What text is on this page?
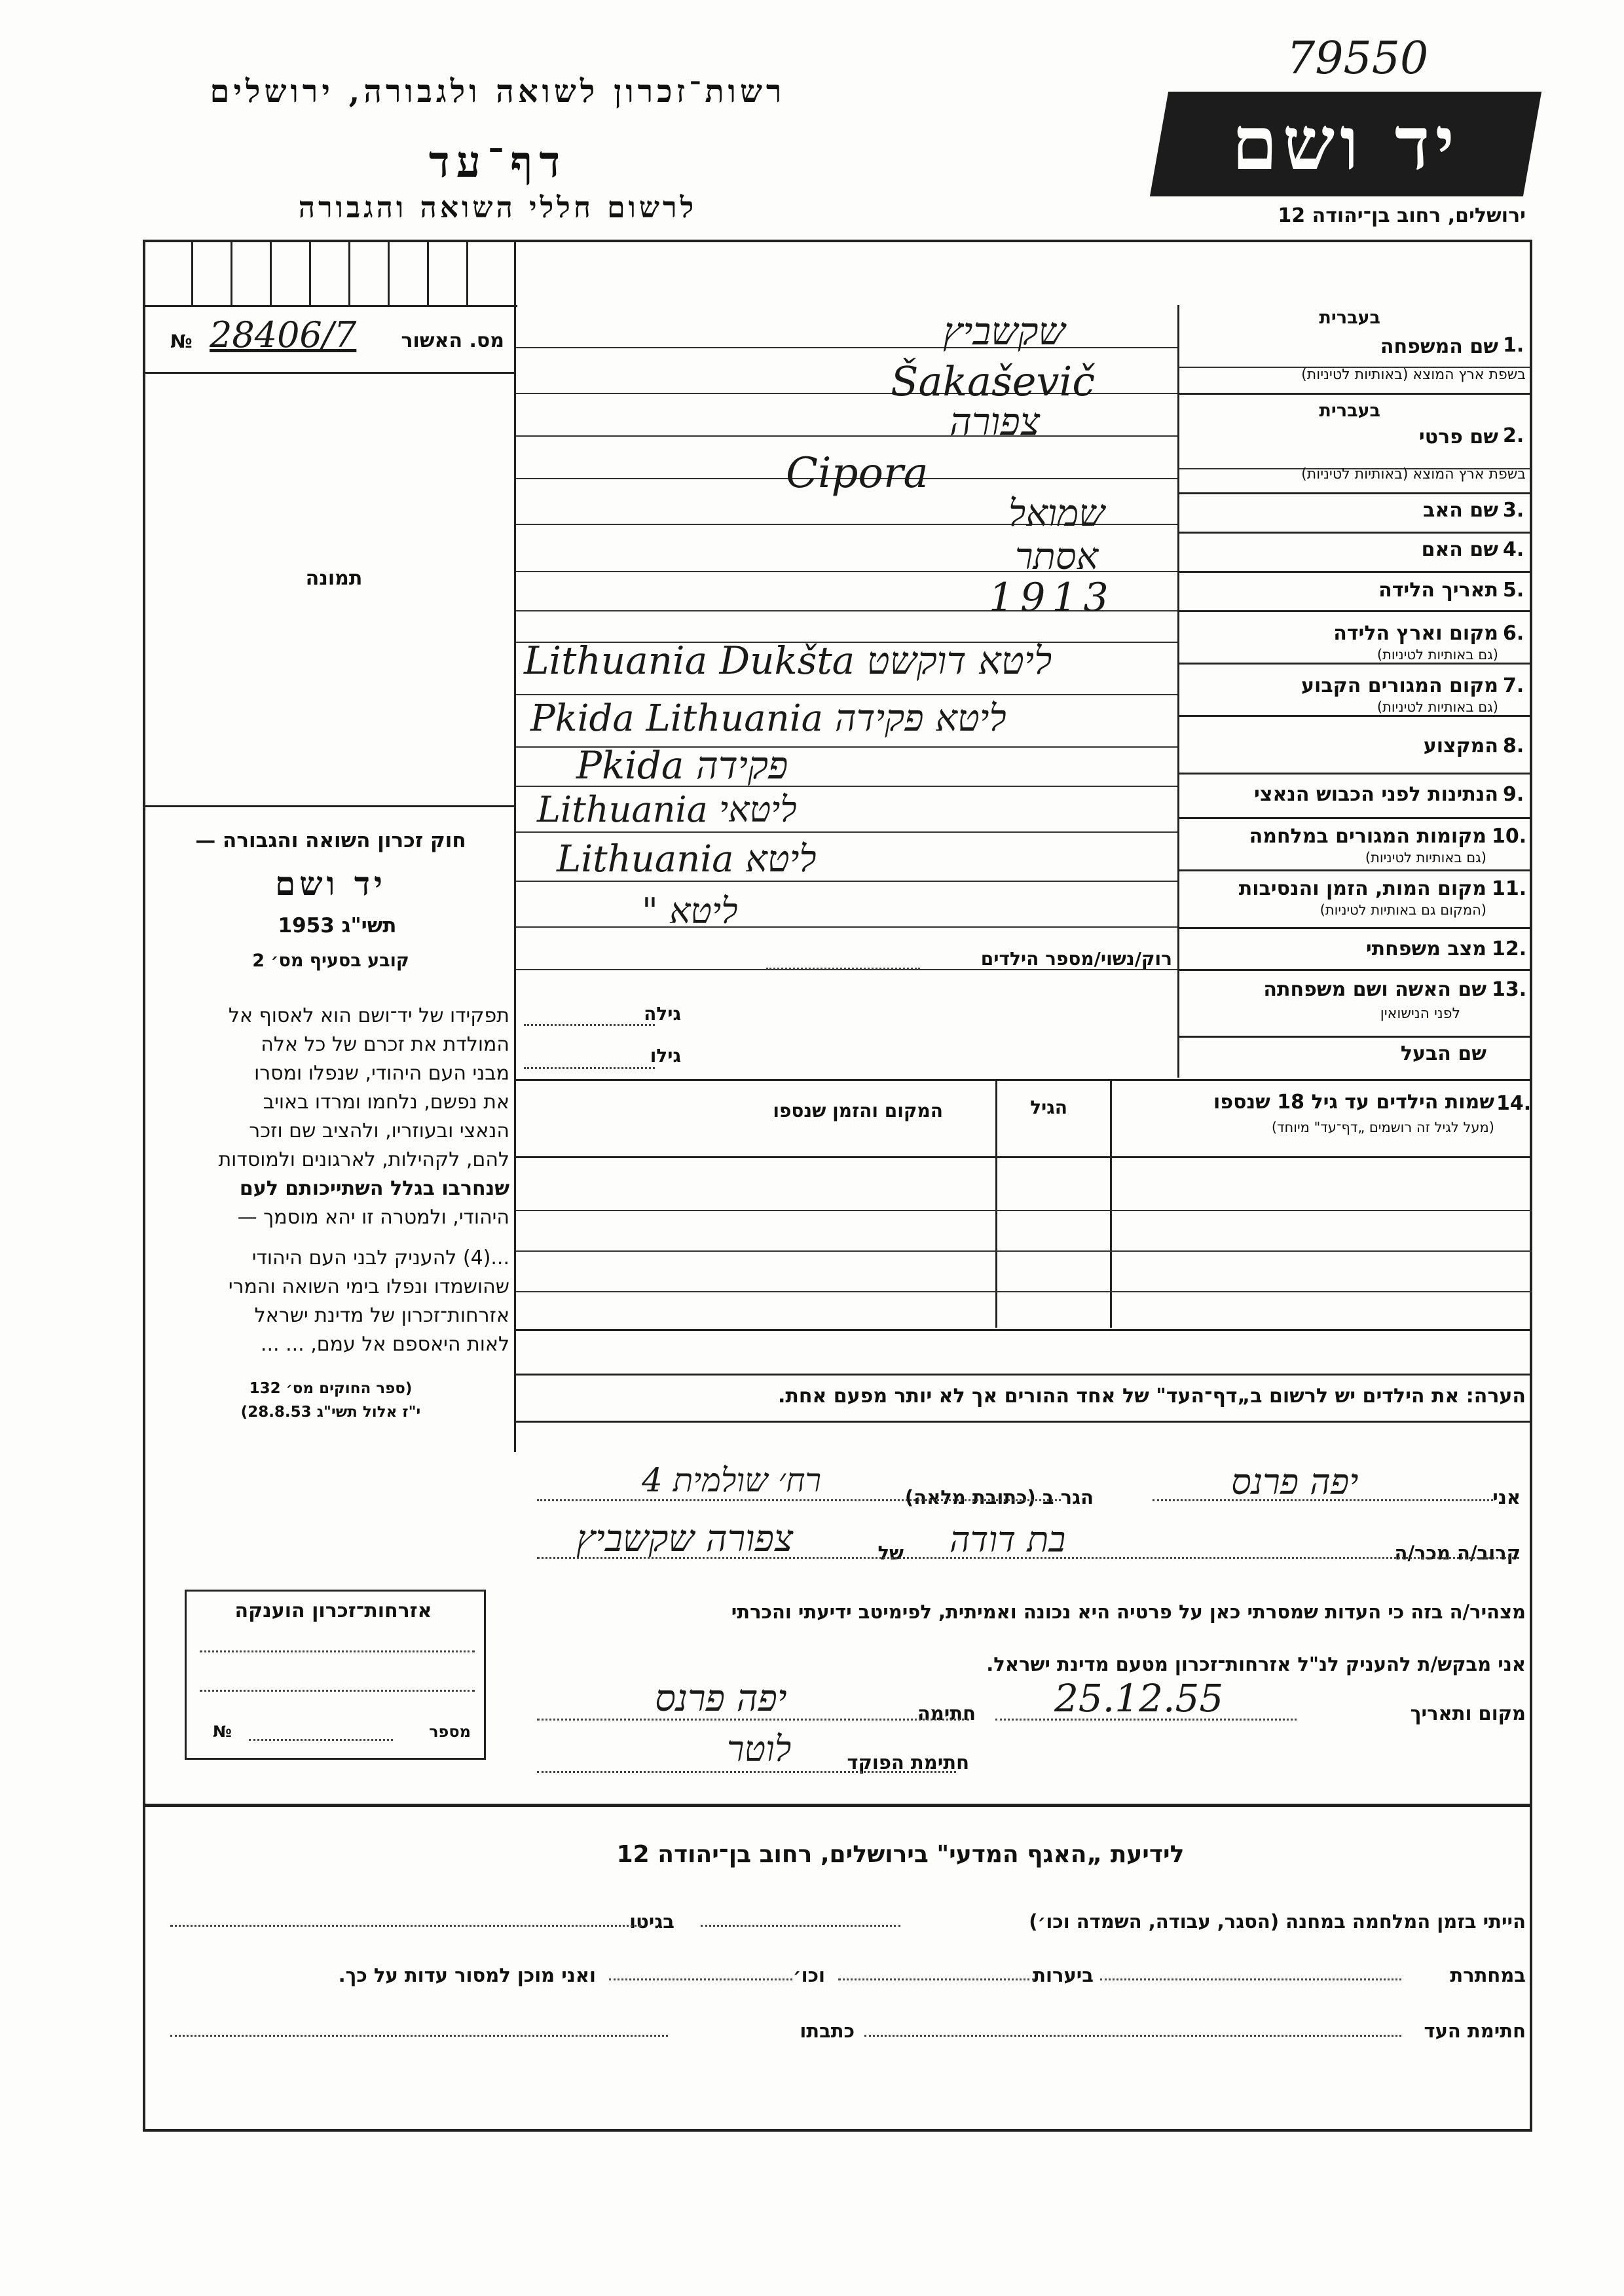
79550
רשות־זכרון לשואה ולגבורה, ירושלים
דף־עד
לרשום חללי השואה והגבורה
יד ושם
ירושלים, רחוב בן־יהודה 12
№ 28406/7	מס. האשור
תמונה
חוק זכרון השואה והגבורה —
יד ושם
תשי"ג 1953
קובע בסעיף מס׳ 2
תפקידו של יד־ושם הוא לאסוף אל
המולדת את זכרם של כל אלה
מבני העם היהודי, שנפלו ומסרו
את נפשם, נלחמו ומרדו באויב
הנאצי ובעוזריו, ולהציב שם וזכר
להם, לקהילות, לארגונים ולמוסדות
שנחרבו בגלל השתייכותם לעם
היהודי, ולמטרה זו יהא מוסמך —
...(4) להעניק לבני העם היהודי
שהושמדו ונפלו בימי השואה והמרי
אזרחות־זכרון של מדינת ישראל
לאות היאספם אל עמם, ... ...
(ספר החוקים מס׳ 132
י"ז אלול תשי"ג 28.8.53)
1.
שם המשפחה
בעברית
בשפת ארץ המוצא (באותיות לטיניות)
שקשביץ
Šakaševič
2.
שם פרטי
בעברית
בשפת ארץ המוצא (באותיות לטיניות)
צפורה
Cipora
3.
שם האב
שמואל
4.
שם האם
אסתר
5.
תאריך הלידה
1913
6.
מקום וארץ הלידה
(גם באותיות לטיניות)
Lithuania Dukšta ליטא דוקשט
7.
מקום המגורים הקבוע
(גם באותיות לטיניות)
Pkida Lithuania ליטא פקידה
8.
המקצוע
Pkida פקידה
9.
הנתינות לפני הכבוש הנאצי
Lithuania ליטאי
10.
מקומות המגורים במלחמה
(גם באותיות לטיניות)
Lithuania ליטא
11.
מקום המות, הזמן והנסיבות
(המקום גם באותיות לטיניות)
" ליטא
12.
מצב משפחתי
רוק/נשוי/מספר הילדים
13.
שם האשה ושם משפחתה
לפני הנישואין
גילה
שם הבעל
גילו
14.
שמות הילדים עד גיל 18 שנספו
(מעל לגיל זה רושמים „דף־עד" מיוחד)
הגיל
המקום והזמן שנספו
הערה: את הילדים יש לרשום ב„דף־העד" של אחד ההורים אך לא יותר מפעם אחת.
אני
יפה פרנס
הגר ב (כתובת מלאה)
רח׳ שולמית 4
קרוב/ה מכר/ה
בת דודה
של
צפורה שקשביץ
מצהיר/ה בזה כי העדות שמסרתי כאן על פרטיה היא נכונה ואמיתית, לפימיטב ידיעתי והכרתי
אני מבקש/ת להעניק לנ"ל אזרחות־זכרון מטעם מדינת ישראל.
מקום ותאריך
25.12.55
חתימה
יפה פרנס
חתימת הפוקד
לוטר
אזרחות־זכרון הוענקה
מספר
№
לידיעת „האגף המדעי" בירושלים, רחוב בן־יהודה 12
הייתי בזמן המלחמה במחנה (הסגר, עבודה, השמדה וכו׳)
בגיטו
במחתרת
ביערות
וכו׳
ואני מוכן למסור עדות על כך.
חתימת העד
כתבתו
